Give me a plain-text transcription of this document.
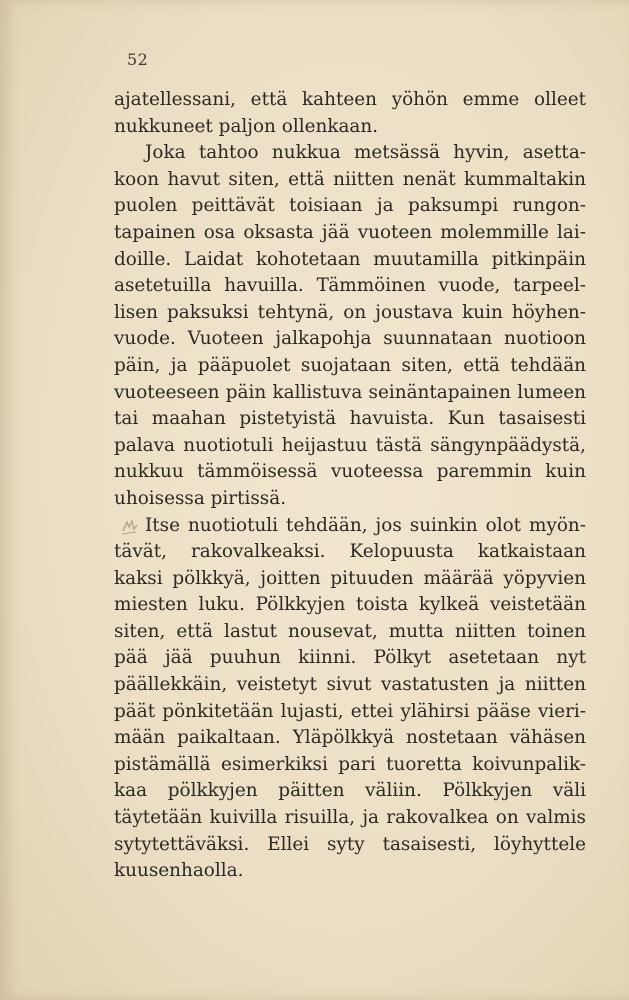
52
ajatellessani, että kahteen yöhön emme olleet
nukkuneet paljon ollenkaan.
Joka tahtoo nukkua metsässä hyvin, asetta-
koon havut siten, että niitten nenät kummaltakin
puolen peittävät toisiaan ja paksumpi rungon-
tapainen osa oksasta jää vuoteen molemmille lai-
doille. Laidat kohotetaan muutamilla pitkinpäin
asetetuilla havuilla. Tämmöinen vuode, tarpeel-
lisen paksuksi tehtynä, on joustava kuin höyhen-
vuode. Vuoteen jalkapohja suunnataan nuotioon
päin, ja pääpuolet suojataan siten, että tehdään
vuoteeseen päin kallistuva seinäntapainen lumeen
tai maahan pistetyistä havuista. Kun tasaisesti
palava nuotiotuli heijastuu tästä sängynpäädystä,
nukkuu tämmöisessä vuoteessa paremmin kuin
uhoisessa pirtissä.
Itse nuotiotuli tehdään, jos suinkin olot myön-
tävät, rakovalkeaksi. Kelopuusta katkaistaan
kaksi pölkkyä, joitten pituuden määrää yöpyvien
miesten luku. Pölkkyjen toista kylkeä veistetään
siten, että lastut nousevat, mutta niitten toinen
pää jää puuhun kiinni. Pölkyt asetetaan nyt
päällekkäin, veistetyt sivut vastatusten ja niitten
päät pönkitetään lujasti, ettei ylähirsi pääse vieri-
mään paikaltaan. Yläpölkkyä nostetaan vähäsen
pistämällä esimerkiksi pari tuoretta koivunpalik-
kaa pölkkyjen päitten väliin. Pölkkyjen väli
täytetään kuivilla risuilla, ja rakovalkea on valmis
sytytettäväksi. Ellei syty tasaisesti, löyhyttele
kuusenhaolla.
